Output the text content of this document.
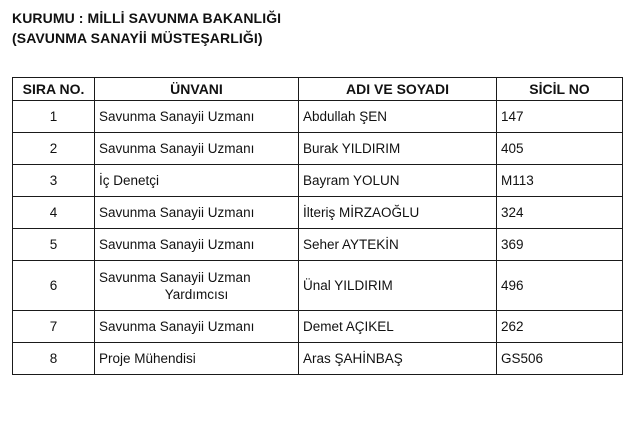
KURUMU : MİLLİ SAVUNMA BAKANLIĞI
(SAVUNMA SANAYİİ MÜSTEŞARLIĞI)
SIRA NO.	ÜNVANI	ADI VE SOYADI	SİCİL NO
1	Savunma Sanayii Uzmanı	Abdullah ŞEN	147
2	Savunma Sanayii Uzmanı	Burak YILDIRIM	405
3	İç Denetçi	Bayram YOLUN	M113
4	Savunma Sanayii Uzmanı	İlteriş MİRZAOĞLU	324
5	Savunma Sanayii Uzmanı	Seher AYTEKİN	369
6	Savunma Sanayii Uzman
Yardımcısı	Ünal YILDIRIM	496
7	Savunma Sanayii Uzmanı	Demet AÇIKEL	262
8	Proje Mühendisi	Aras ŞAHİNBAŞ	GS506
